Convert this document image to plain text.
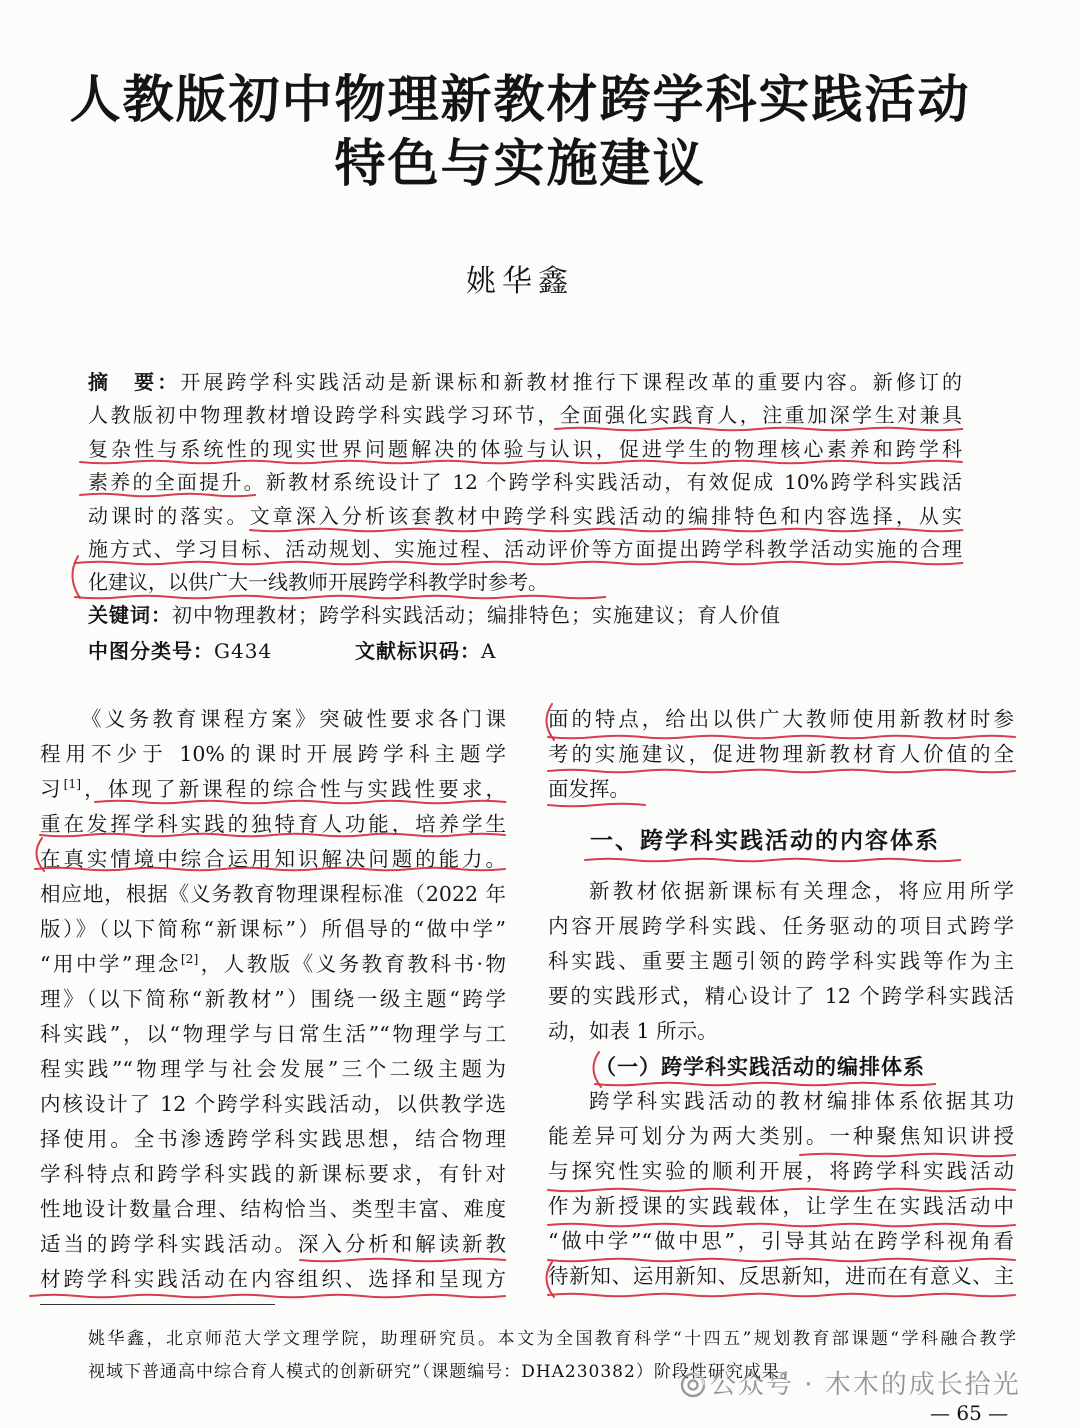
人教版初中物理新教材跨学科实践活动
特色与实施建议
姚华鑫
摘　要：开展跨学科实践活动是新课标和新教材推行下课程改革的重要内容。新修订的
人教版初中物理教材增设跨学科实践学习环节，全面强化实践育人，注重加深学生对兼具
复杂性与系统性的现实世界问题解决的体验与认识，促进学生的物理核心素养和跨学科
素养的全面提升。新教材系统设计了 12 个跨学科实践活动，有效促成 10%跨学科实践活
动课时的落实。文章深入分析该套教材中跨学科实践活动的编排特色和内容选择，从实
施方式、学习目标、活动规划、实施过程、活动评价等方面提出跨学科教学活动实施的合理
化建议，以供广大一线教师开展跨学科教学时参考。
关键词：初中物理教材；跨学科实践活动；编排特色；实施建议；育人价值
中图分类号：G434	文献标识码：A
《义务教育课程方案》突破性要求各门课
程用不少于 10%的课时开展跨学科主题学
习[1]，体现了新课程的综合性与实践性要求，
重在发挥学科实践的独特育人功能，培养学生
在真实情境中综合运用知识解决问题的能力。
相应地，根据《义务教育物理课程标准（2022 年
版）》（以下简称“新课标”）所倡导的“做中学”
“用中学”理念[2]，人教版《义务教育教科书·物
理》（以下简称“新教材”）围绕一级主题“跨学
科实践”，以“物理学与日常生活”“物理学与工
程实践”“物理学与社会发展”三个二级主题为
内核设计了 12 个跨学科实践活动，以供教学选
择使用。全书渗透跨学科实践思想，结合物理
学科特点和跨学科实践的新课标要求，有针对
性地设计数量合理、结构恰当、类型丰富、难度
适当的跨学科实践活动。深入分析和解读新教
材跨学科实践活动在内容组织、选择和呈现方
面的特点，给出以供广大教师使用新教材时参
考的实施建议，促进物理新教材育人价值的全
面发挥。
一、跨学科实践活动的内容体系
新教材依据新课标有关理念，将应用所学
内容开展跨学科实践、任务驱动的项目式跨学
科实践、重要主题引领的跨学科实践等作为主
要的实践形式，精心设计了 12 个跨学科实践活
动，如表 1 所示。
（一）跨学科实践活动的编排体系
跨学科实践活动的教材编排体系依据其功
能差异可划分为两大类别。一种聚焦知识讲授
与探究性实验的顺利开展，将跨学科实践活动
作为新授课的实践载体，让学生在实践活动中
“做中学”“做中思”，引导其站在跨学科视角看
待新知、运用新知、反思新知，进而在有意义、主
姚华鑫，北京师范大学文理学院，助理研究员。本文为全国教育科学“十四五”规划教育部课题“学科融合教学
视域下普通高中综合育人模式的创新研究”（课题编号：DHA230382）阶段性研究成果。
公众号 · 木木的成长拾光
— 65 —
